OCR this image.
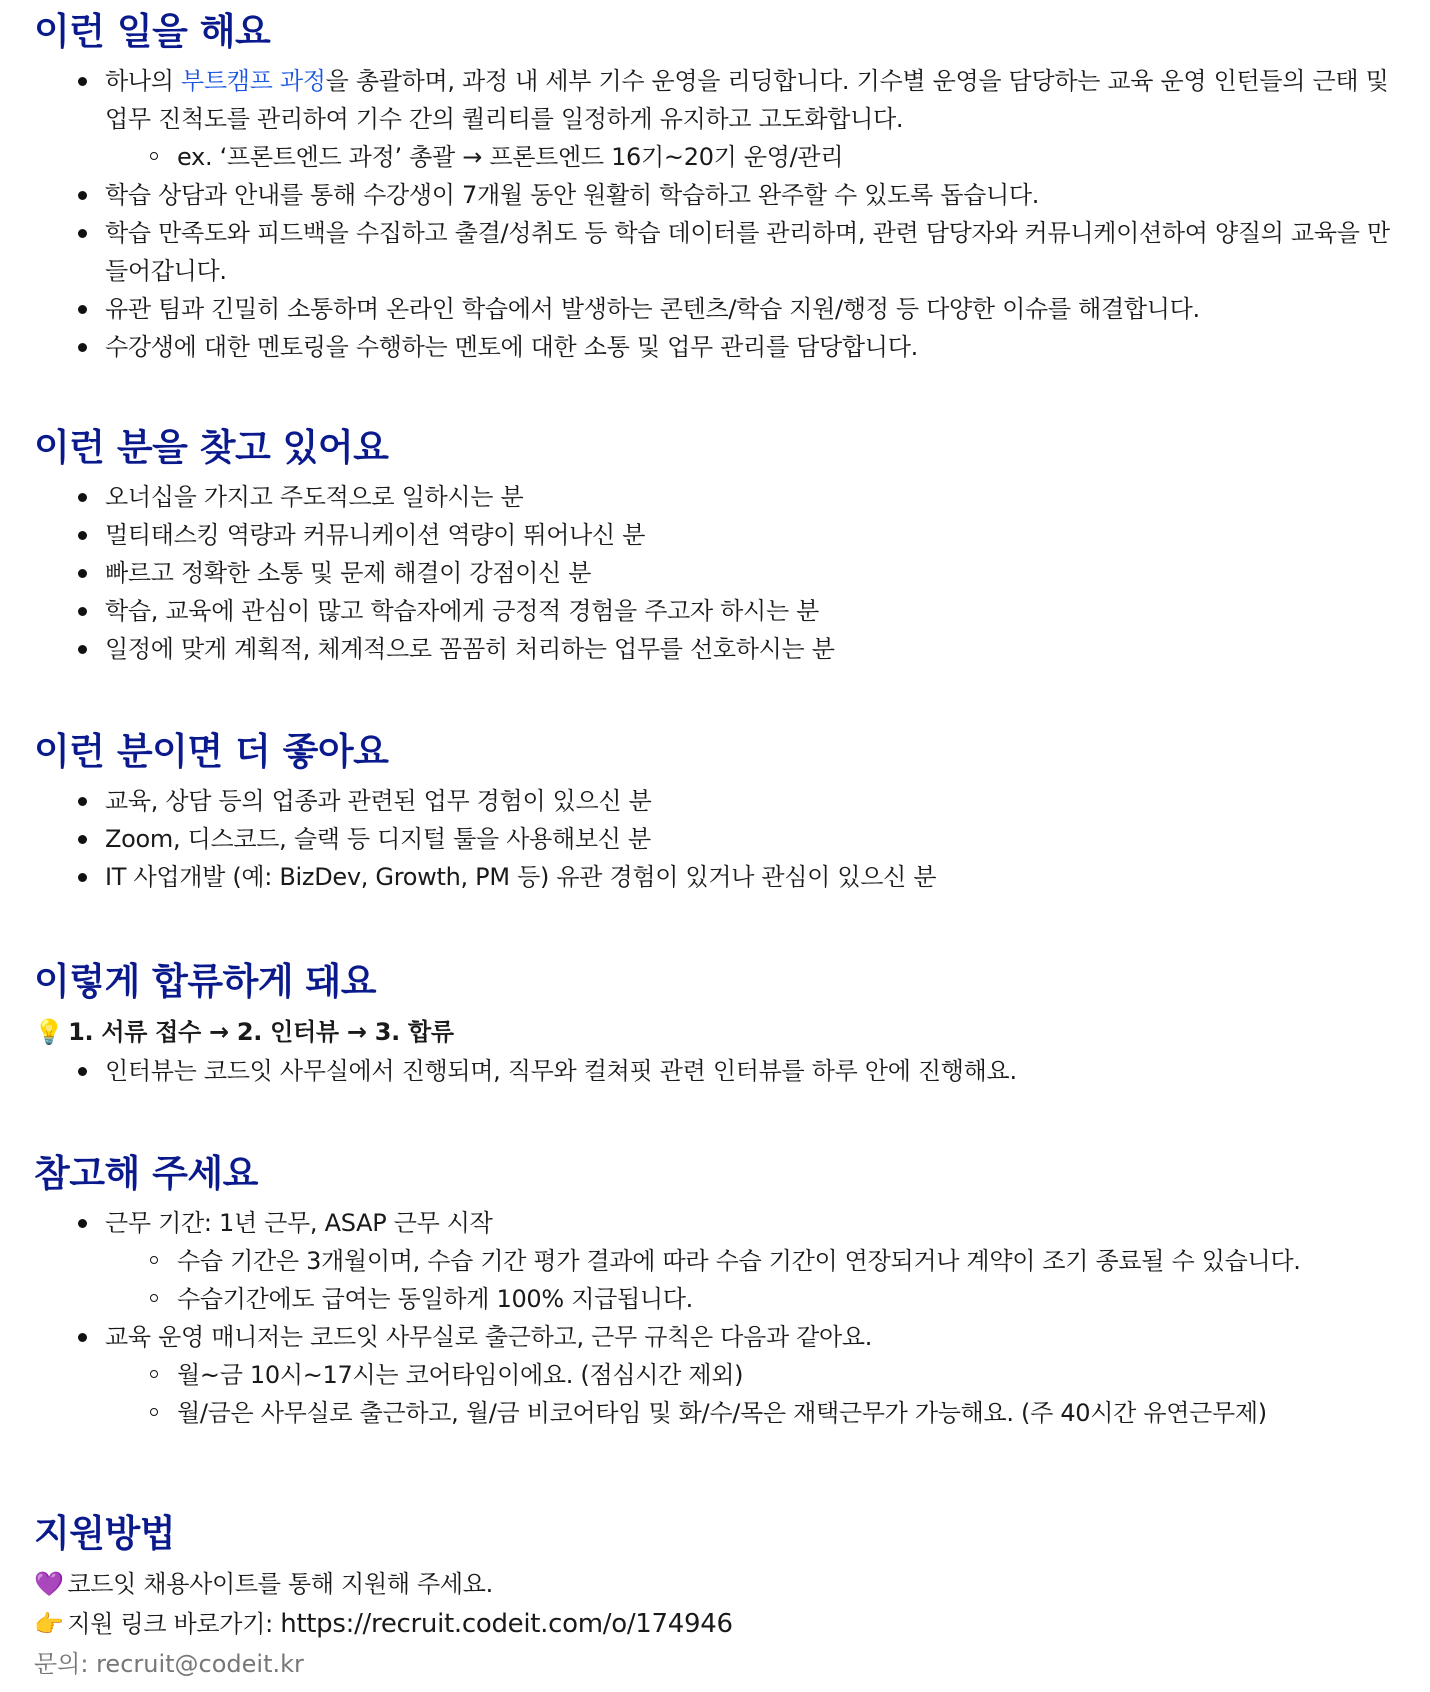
이런 일을 해요
하나의 부트캠프 과정을 총괄하며, 과정 내 세부 기수 운영을 리딩합니다. 기수별 운영을 담당하는 교육 운영 인턴들의 근태 및 업무 진척도를 관리하여 기수 간의 퀄리티를 일정하게 유지하고 고도화합니다.
ex. ‘프론트엔드 과정’ 총괄 → 프론트엔드 16기~20기 운영/관리
학습 상담과 안내를 통해 수강생이 7개월 동안 원활히 학습하고 완주할 수 있도록 돕습니다.
학습 만족도와 피드백을 수집하고 출결/성취도 등 학습 데이터를 관리하며, 관련 담당자와 커뮤니케이션하여 양질의 교육을 만들어갑니다.
유관 팀과 긴밀히 소통하며 온라인 학습에서 발생하는 콘텐츠/학습 지원/행정 등 다양한 이슈를 해결합니다.
수강생에 대한 멘토링을 수행하는 멘토에 대한 소통 및 업무 관리를 담당합니다.
이런 분을 찾고 있어요
오너십을 가지고 주도적으로 일하시는 분
멀티태스킹 역량과 커뮤니케이션 역량이 뛰어나신 분
빠르고 정확한 소통 및 문제 해결이 강점이신 분
학습, 교육에 관심이 많고 학습자에게 긍정적 경험을 주고자 하시는 분
일정에 맞게 계획적, 체계적으로 꼼꼼히 처리하는 업무를 선호하시는 분
이런 분이면 더 좋아요
교육, 상담 등의 업종과 관련된 업무 경험이 있으신 분
Zoom, 디스코드, 슬랙 등 디지털 툴을 사용해보신 분
IT 사업개발 (예: BizDev, Growth, PM 등) 유관 경험이 있거나 관심이 있으신 분
이렇게 합류하게 돼요
💡 1. 서류 접수 → 2. 인터뷰 → 3. 합류
인터뷰는 코드잇 사무실에서 진행되며, 직무와 컬쳐핏 관련 인터뷰를 하루 안에 진행해요.
참고해 주세요
근무 기간: 1년 근무, ASAP 근무 시작
수습 기간은 3개월이며, 수습 기간 평가 결과에 따라 수습 기간이 연장되거나 계약이 조기 종료될 수 있습니다.
수습기간에도 급여는 동일하게 100% 지급됩니다.
교육 운영 매니저는 코드잇 사무실로 출근하고, 근무 규칙은 다음과 같아요.
월~금 10시~17시는 코어타임이에요. (점심시간 제외)
월/금은 사무실로 출근하고, 월/금 비코어타임 및 화/수/목은 재택근무가 가능해요. (주 40시간 유연근무제)
지원방법
💜 코드잇 채용사이트를 통해 지원해 주세요.
👉 지원 링크 바로가기: https://recruit.codeit.com/o/174946
문의: recruit@codeit.kr
